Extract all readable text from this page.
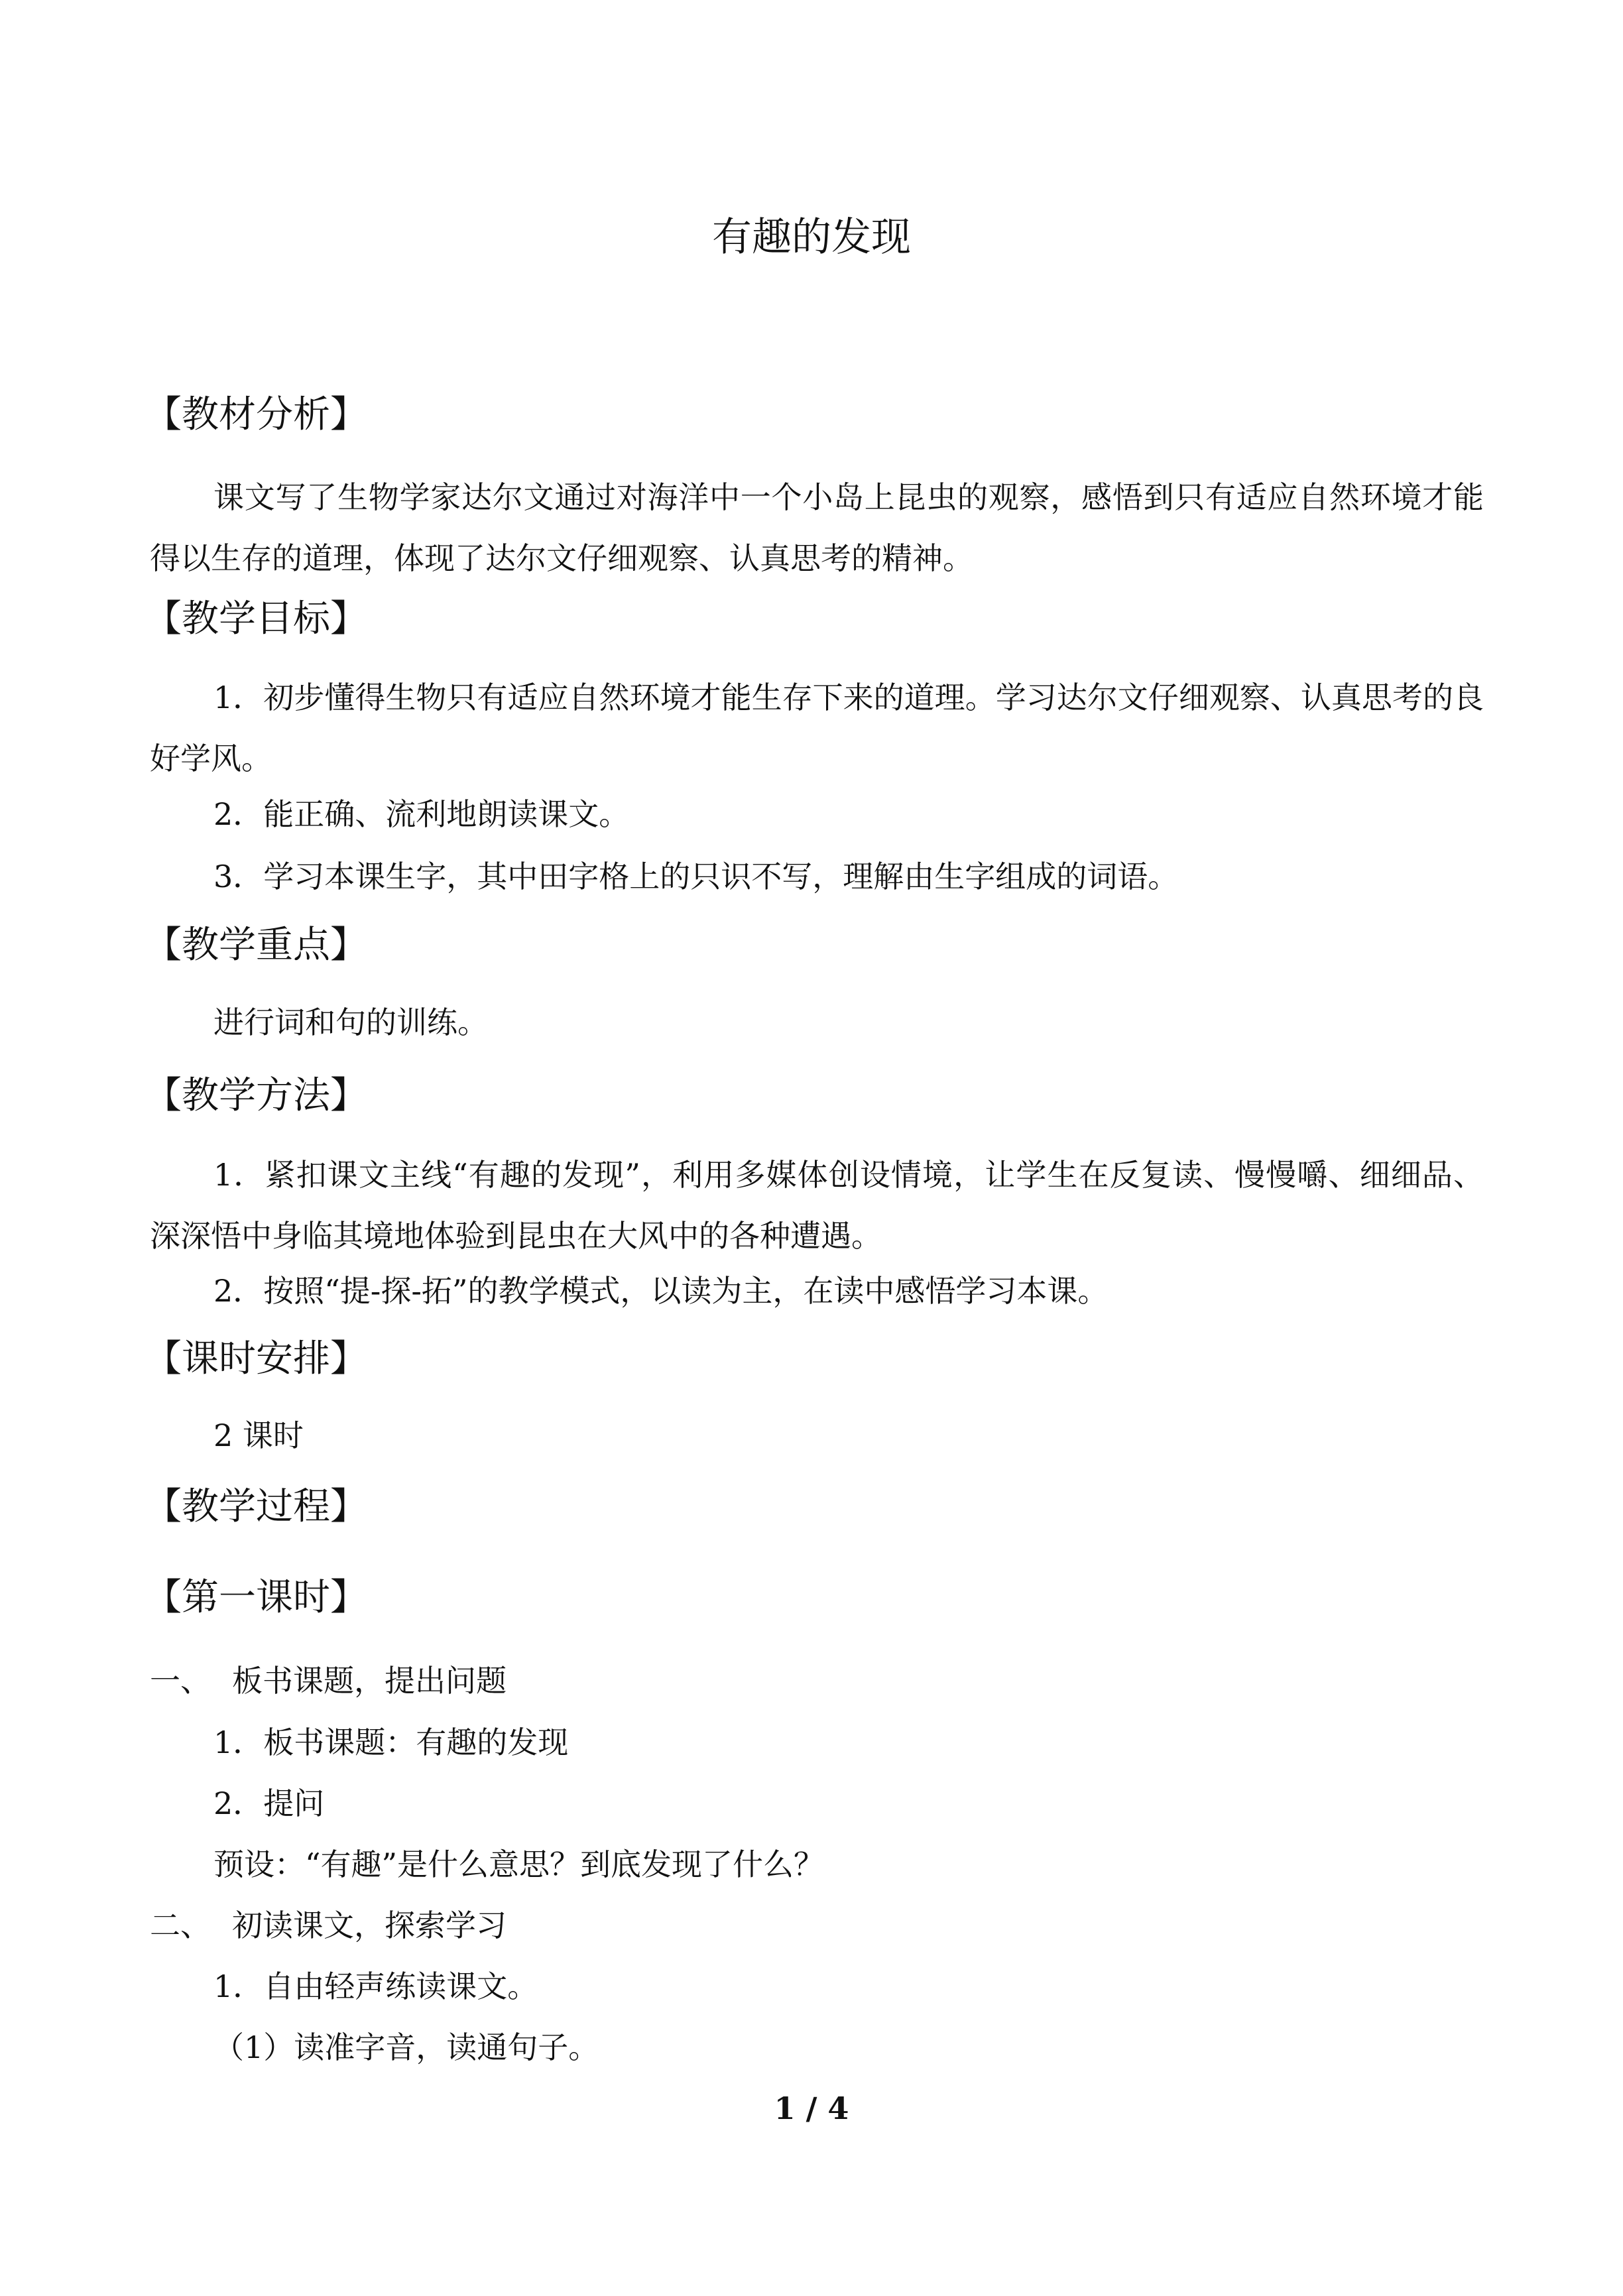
有趣的发现
【教材分析】

课文写了生物学家达尔文通过对海洋中一个小岛上昆虫的观察，感悟到只有适应自然环境才能得以生存的道理，体现了达尔文仔细观察、认真思考的精神。

【教学目标】

1．初步懂得生物只有适应自然环境才能生存下来的道理。学习达尔文仔细观察、认真思考的良好学风。

2．能正确、流利地朗读课文。

3．学习本课生字，其中田字格上的只识不写，理解由生字组成的词语。

【教学重点】

进行词和句的训练。

【教学方法】

1．紧扣课文主线“有趣的发现”，利用多媒体创设情境，让学生在反复读、慢慢嚼、细细品、深深悟中身临其境地体验到昆虫在大风中的各种遭遇。

2．按照“提-探-拓”的教学模式，以读为主，在读中感悟学习本课。

【课时安排】

2 课时

【教学过程】
【第一课时】

一、 板书课题，提出问题

1．板书课题：有趣的发现

2．提问

预设：“有趣”是什么意思？到底发现了什么？

二、 初读课文，探索学习

1．自由轻声练读课文。

（1）读准字音，读通句子。

1 / 4
